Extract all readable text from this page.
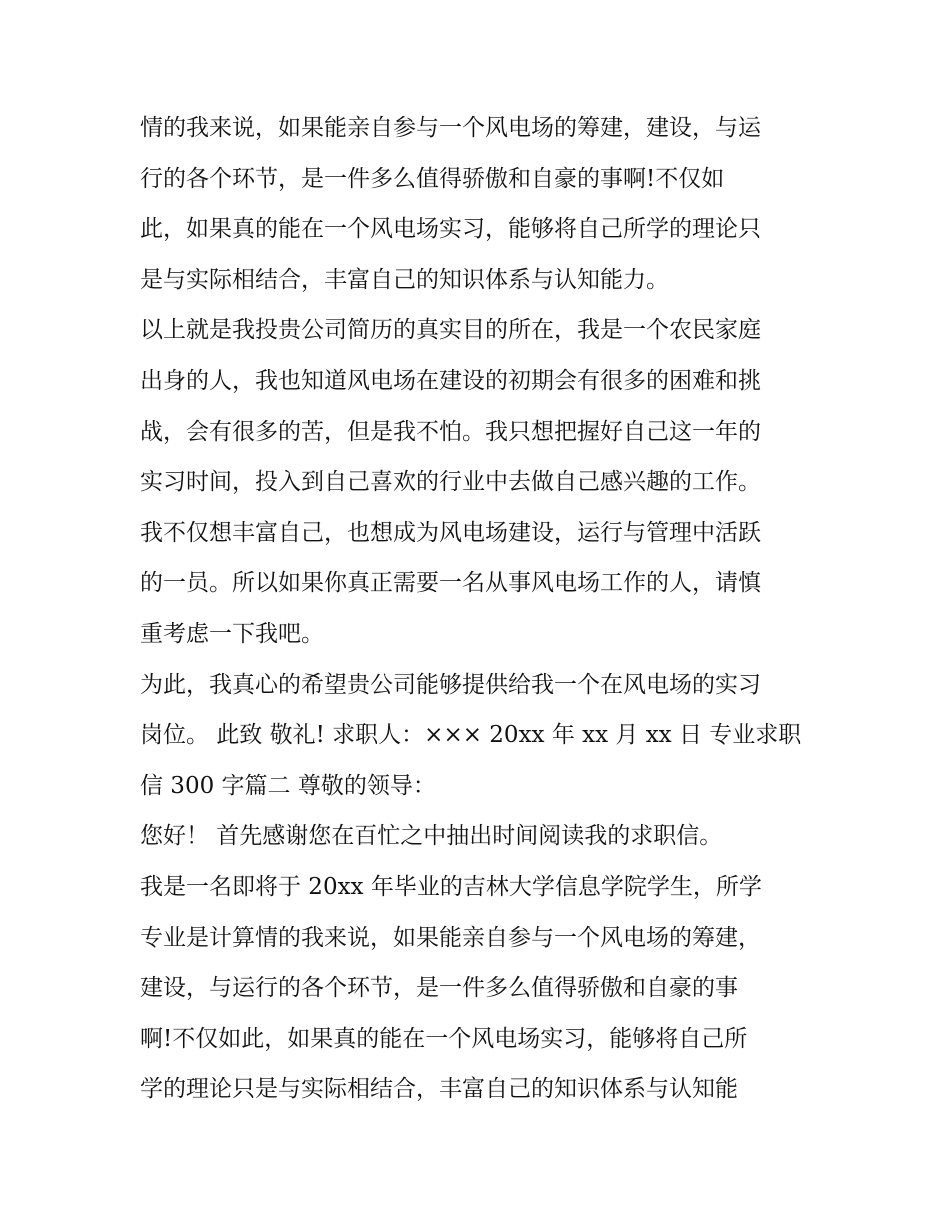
情的我来说，如果能亲自参与一个风电场的筹建，建设，与运
行的各个环节，是一件多么值得骄傲和自豪的事啊!不仅如
此，如果真的能在一个风电场实习，能够将自己所学的理论只
是与实际相结合，丰富自己的知识体系与认知能力。
以上就是我投贵公司简历的真实目的所在，我是一个农民家庭
出身的人，我也知道风电场在建设的初期会有很多的困难和挑
战，会有很多的苦，但是我不怕。我只想把握好自己这一年的
实习时间，投入到自己喜欢的行业中去做自己感兴趣的工作。
我不仅想丰富自己，也想成为风电场建设，运行与管理中活跃
的一员。所以如果你真正需要一名从事风电场工作的人，请慎
重考虑一下我吧。
为此，我真心的希望贵公司能够提供给我一个在风电场的实习
岗位。 此致 敬礼! 求职人：××× 20xx 年 xx 月 xx 日 专业求职
信 300 字篇二 尊敬的领导：
您好！ 首先感谢您在百忙之中抽出时间阅读我的求职信。
我是一名即将于 20xx 年毕业的吉林大学信息学院学生，所学
专业是计算情的我来说，如果能亲自参与一个风电场的筹建，
建设，与运行的各个环节，是一件多么值得骄傲和自豪的事
啊!不仅如此，如果真的能在一个风电场实习，能够将自己所
学的理论只是与实际相结合，丰富自己的知识体系与认知能
